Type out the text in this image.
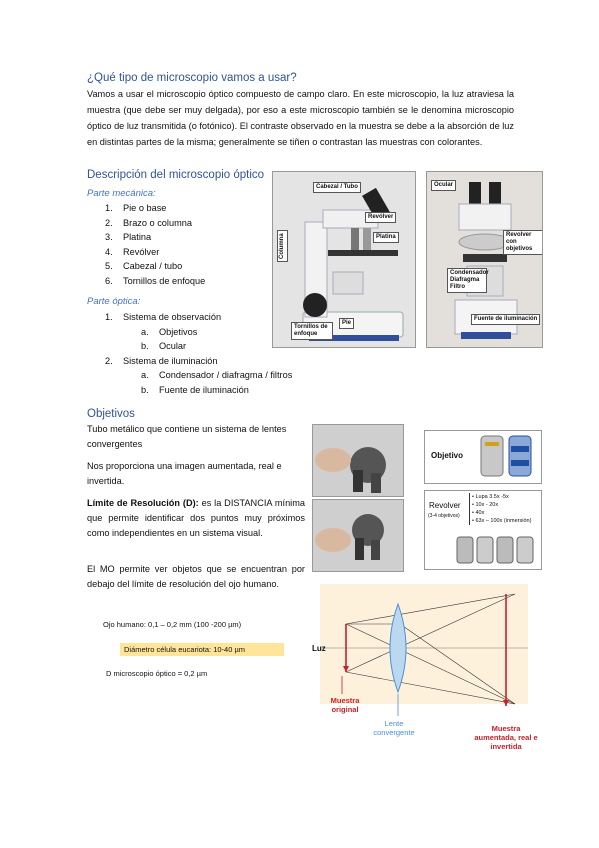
¿Qué tipo de microscopio vamos a usar?
Vamos a usar el microscopio óptico compuesto de campo claro. En este microscopio, la luz atraviesa la muestra (que debe ser muy delgada), por eso a este microscopio también se le denomina microscopio óptico de luz transmitida (o fotónico). El contraste observado en la muestra se debe a la absorción de luz en distintas partes de la misma; generalmente se tiñen o contrastan las muestras con colorantes.
Descripción del microscopio óptico
Parte mecánica:
1. Pie o base
2. Brazo o columna
3. Platina
4. Revólver
5. Cabezal / tubo
6. Tornillos de enfoque
Parte óptica:
1. Sistema de observación
a. Objetivos
b. Ocular
2. Sistema de iluminación
a. Condensador / diafragma / filtros
b. Fuente de iluminación
Cabezal / Tubo
Revólver
Platina
Columna
Tornillos de enfoque
Pie
Ocular
Revolver con objetivos
Condensador Diafragma Filtro
Fuente de iluminación
Objetivos
Tubo metálico que contiene un sistema de lentes convergentes
Nos proporciona una imagen aumentada, real e invertida.
Límite de Resolución (D): es la DISTANCIA mínima que permite identificar dos puntos muy próximos como independientes en un sistema visual.
El MO permite ver objetos que se encuentran por debajo del límite de resolución del ojo humano.
Objetivo
Revolver
(3-4 objetivos)
• Lupa 3.5x -5x
• 10x - 20x
• 40x
• 63x – 100x (inmersión)
Ojo humano: 0,1 – 0,2 mm (100 -200 µm)
Diámetro célula eucariota: 10-40 µm
D microscopio óptico = 0,2 µm
Luz
Muestra original
Lente convergente	Muestra aumentada, real e invertida
